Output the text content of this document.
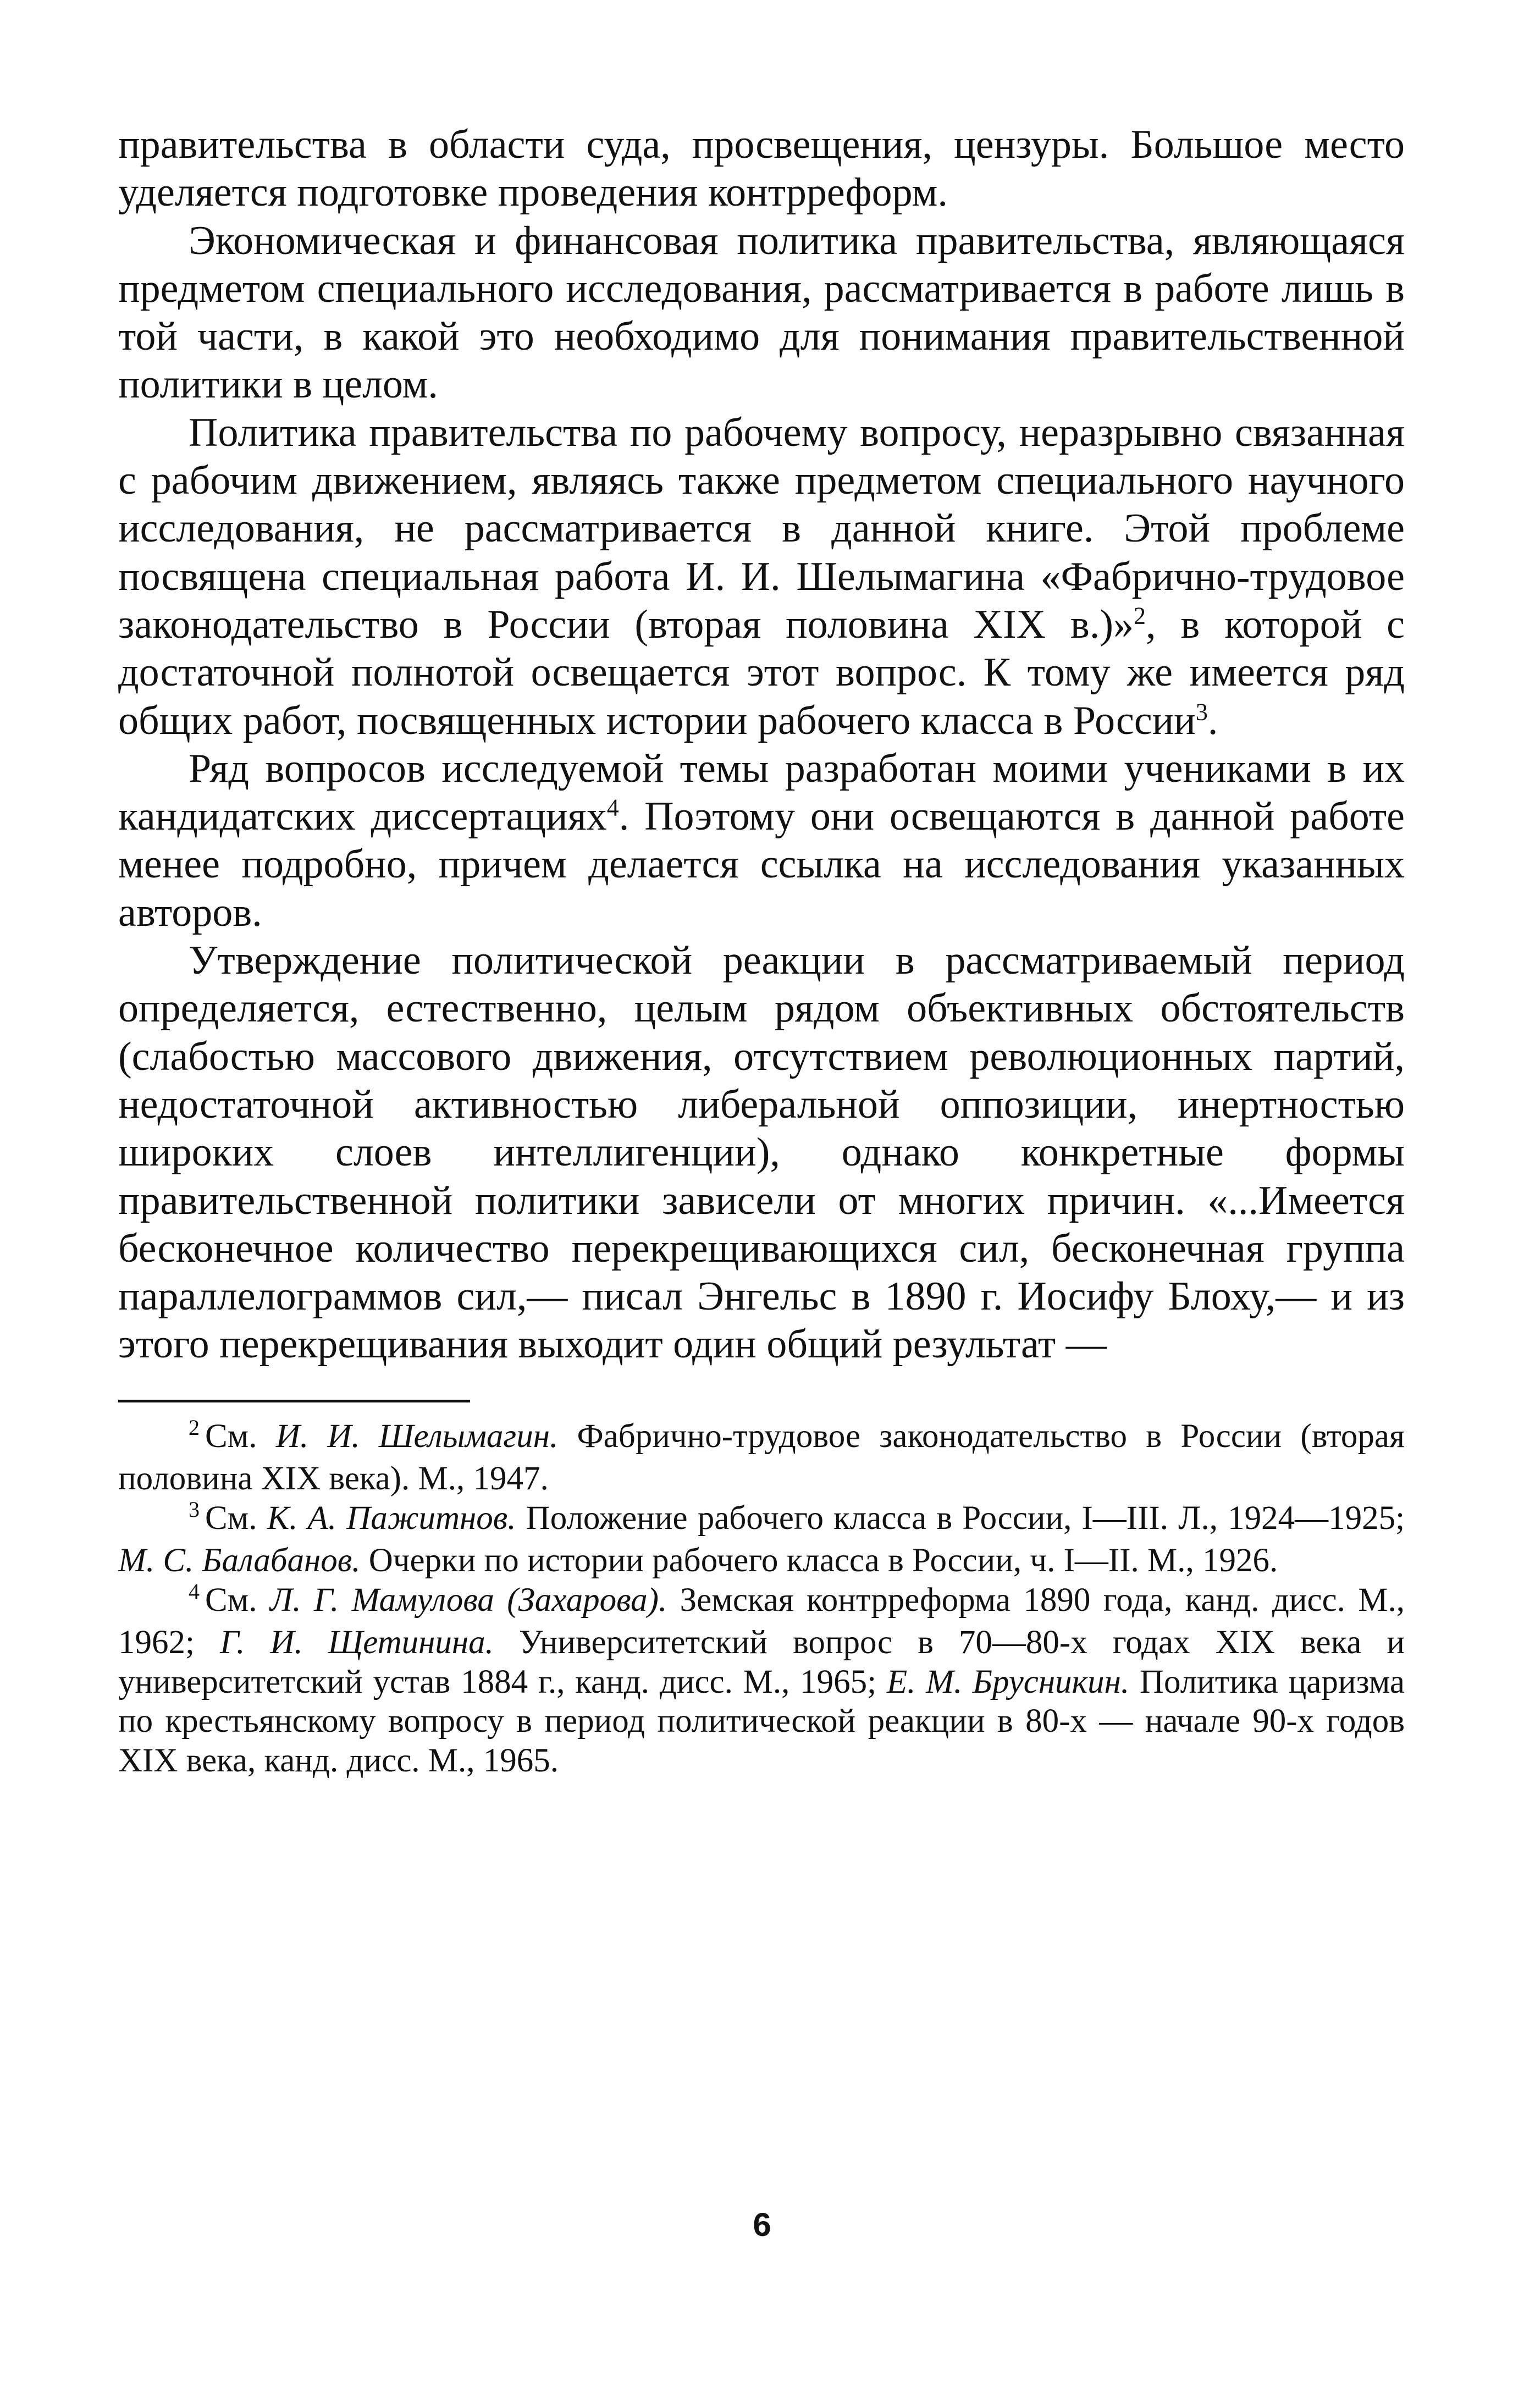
правительства в области суда, просвещения, цензуры. Большое место уделяется подготовке проведения контрреформ.

Экономическая и финансовая политика правительства, являющаяся предметом специального исследования, рассматривается в работе лишь в той части, в какой это необходимо для понимания правительственной политики в целом.

Политика правительства по рабочему вопросу, неразрывно связанная с рабочим движением, являясь также предметом специального научного исследования, не рассматривается в данной книге. Этой проблеме посвящена специальная работа И. И. Шелымагина «Фабрично-трудовое законодательство в России (вторая половина XIX в.)»$^2$, в которой с достаточной полнотой освещается этот вопрос. К тому же имеется ряд общих работ, посвященных истории рабочего класса в России$^3$.

Ряд вопросов исследуемой темы разработан моими учениками в их кандидатских диссертациях$^4$. Поэтому они освещаются в данной работе менее подробно, причем делается ссылка на исследования указанных авторов.

Утверждение политической реакции в рассматриваемый период определяется, естественно, целым рядом объективных обстоятельств (слабостью массового движения, отсутствием революционных партий, недостаточной активностью либеральной оппозиции, инертностью широких слоев интеллигенции), однако конкретные формы правительственной политики зависели от многих причин. «...Имеется бесконечное количество перекрещивающихся сил, бесконечная группа параллелограммов сил,— писал Энгельс в 1890 г. Иосифу Блоху,— и из этого перекрещивания выходит один общий результат —

$^2$ См. И. И. Шелымагин. Фабрично-трудовое законодательство в России (вторая половина XIX века). М., 1947.

$^3$ См. К. А. Пажитнов. Положение рабочего класса в России, I—III. Л., 1924—1925; М. С. Балабанов. Очерки по истории рабочего класса в России, ч. I—II. М., 1926.

$^4$ См. Л. Г. Мамулова (Захарова). Земская контрреформа 1890 года, канд. дисс. М., 1962; Г. И. Щетинина. Университетский вопрос в 70—80-х годах XIX века и университетский устав 1884 г., канд. дисс. М., 1965; Е. М. Брусникин. Политика царизма по крестьянскому вопросу в период политической реакции в 80-х — начале 90-х годов XIX века, канд. дисс. М., 1965.

6
